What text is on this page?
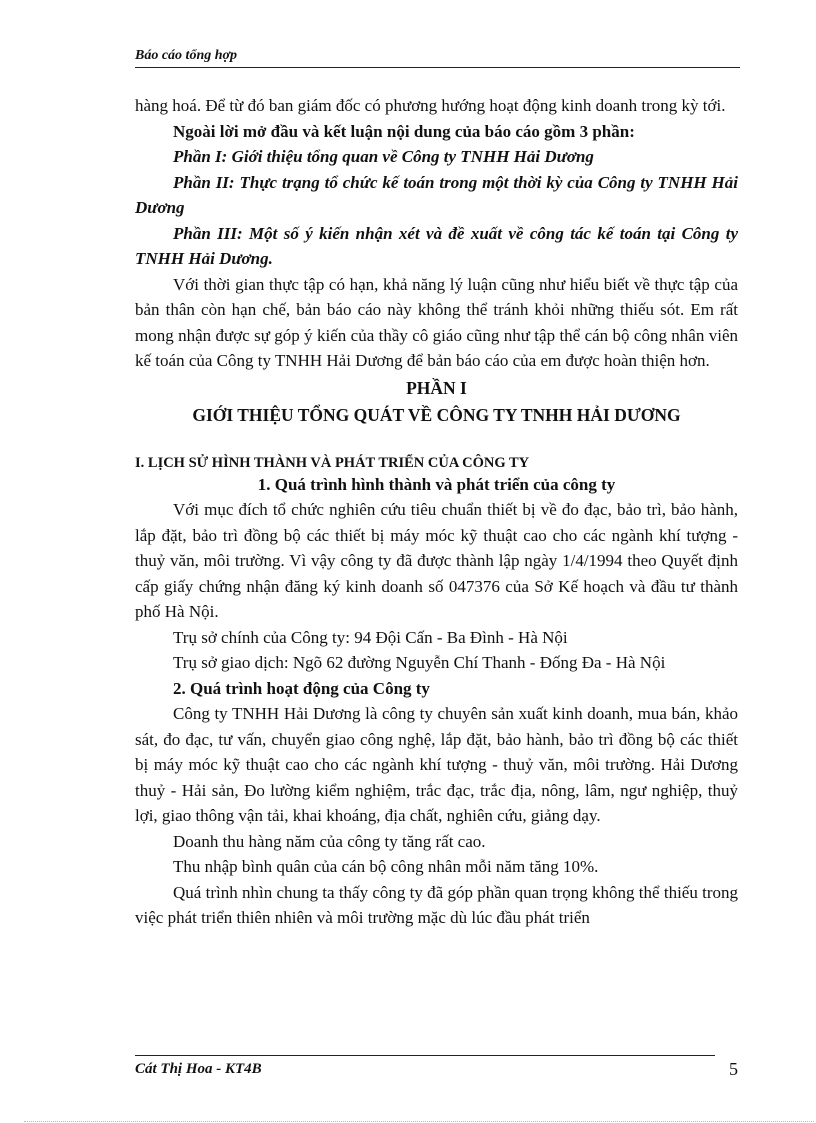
Báo cáo tổng hợp

hàng hoá. Để từ đó ban giám đốc có phương hướng hoạt động kinh doanh trong kỳ tới.

Ngoài lời mở đầu và kết luận nội dung của báo cáo gồm 3 phần:

Phần I: Giới thiệu tổng quan về Công ty TNHH Hải Dương

Phần II: Thực trạng tổ chức kế toán trong một thời kỳ của Công ty TNHH Hải Dương

Phần III: Một số ý kiến nhận xét và đề xuất về công tác kế toán tại Công ty TNHH Hải Dương.

Với thời gian thực tập có hạn, khả năng lý luận cũng như hiểu biết về thực tập của bản thân còn hạn chế, bản báo cáo này không thể tránh khỏi những thiếu sót. Em rất mong nhận được sự góp ý kiến của thầy cô giáo cũng như tập thể cán bộ công nhân viên kế toán của Công ty TNHH Hải Dương để bản báo cáo của em được hoàn thiện hơn.

PHẦN I

GIỚI THIỆU TỔNG QUÁT VỀ CÔNG TY TNHH HẢI DƯƠNG

I. LỊCH SỬ HÌNH THÀNH VÀ PHÁT TRIỂN CỦA CÔNG TY

1. Quá trình hình thành và phát triển của công ty

Với mục đích tổ chức nghiên cứu tiêu chuẩn thiết bị về đo đạc, bảo trì, bảo hành, lắp đặt, bảo trì đồng bộ các thiết bị máy móc kỹ thuật cao cho các ngành khí tượng - thuỷ văn, môi trường. Vì vậy công ty đã được thành lập ngày 1/4/1994 theo Quyết định cấp giấy chứng nhận đăng ký kinh doanh số 047376 của Sở Kế hoạch và đầu tư thành phố Hà Nội.

Trụ sở chính của Công ty: 94 Đội Cấn - Ba Đình - Hà Nội

Trụ sở giao dịch: Ngõ 62 đường Nguyễn Chí Thanh - Đống Đa - Hà Nội

2. Quá trình hoạt động của Công ty

Công ty TNHH Hải Dương là công ty chuyên sản xuất kinh doanh, mua bán, khảo sát, đo đạc, tư vấn, chuyển giao công nghệ, lắp đặt, bảo hành, bảo trì đồng bộ các thiết bị máy móc kỹ thuật cao cho các ngành khí tượng - thuỷ văn, môi trường. Hải Dương thuỷ - Hải sản, Đo lường kiểm nghiệm, trắc đạc, trắc địa, nông, lâm, ngư nghiệp, thuỷ lợi, giao thông vận tải, khai khoáng, địa chất, nghiên cứu, giảng dạy.

Doanh thu hàng năm của công ty tăng rất cao.

Thu nhập bình quân của cán bộ công nhân mỗi năm tăng 10%.

Quá trình nhìn chung ta thấy công ty đã góp phần quan trọng không thể thiếu trong việc phát triển thiên nhiên và môi trường mặc dù lúc đầu phát triển

Cát Thị Hoa - KT4B	5
